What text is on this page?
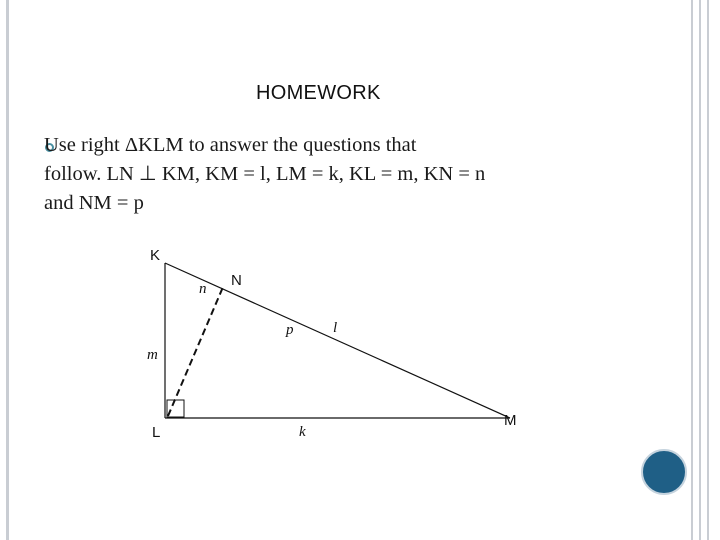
HOMEWORK
Use right ΔKLM to answer the questions that
follow. LN ⊥ KM, KM = l, LM = k, KL = m, KN = n
and NM = p
K
N
L
M
n
p	l
m
k
